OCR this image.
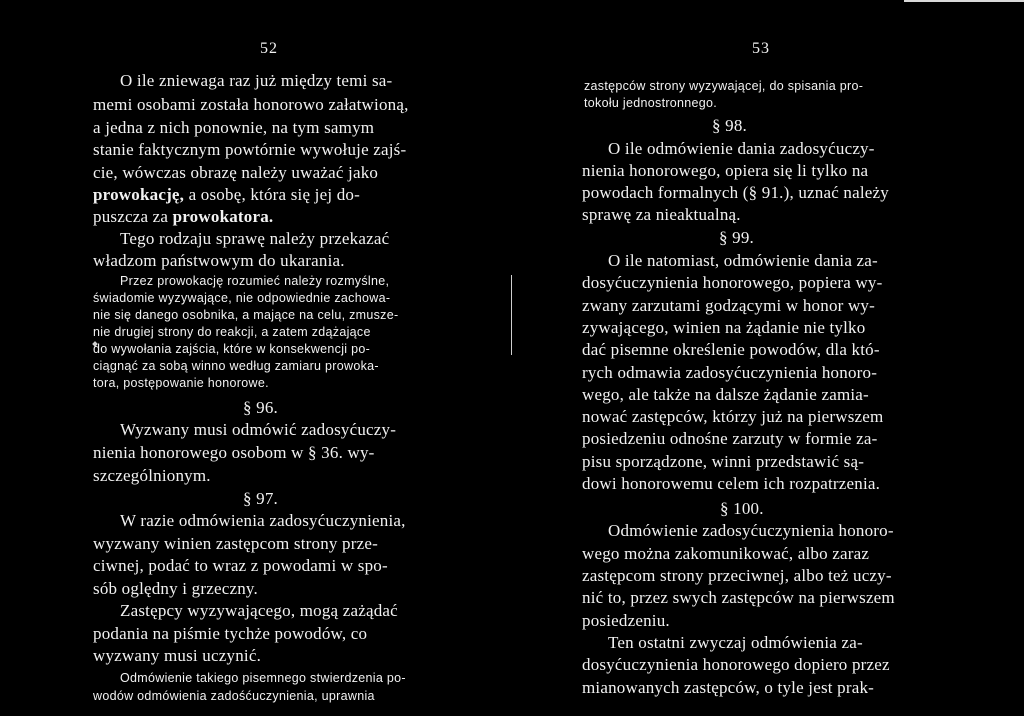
52
O ile zniewaga raz już między temi sa-
memi osobami została honorowo załatwioną,
a jedna z nich ponownie, na tym samym
stanie faktycznym powtórnie wywołuje zajś-
cie, wówczas obrazę należy uważać jako
prowokację, a osobę, która się jej do-
puszcza za prowokatora.
Tego rodzaju sprawę należy przekazać
władzom państwowym do ukarania.
Przez prowokację rozumieć należy rozmyślne,
świadomie wyzywające, nie odpowiednie zachowa-
nie się danego osobnika, a mające na celu, zmusze-
nie drugiej strony do reakcji, a zatem zdążające
do wywołania zajścia, które w konsekwencji po-
ciągnąć za sobą winno według zamiaru prowoka-
tora, postępowanie honorowe.
§ 96.
Wyzwany musi odmówić zadosyćuczy-
nienia honorowego osobom w § 36. wy-
szczególnionym.
§ 97.
W razie odmówienia zadosyćuczynienia,
wyzwany winien zastępcom strony prze-
ciwnej, podać to wraz z powodami w spo-
sób oględny i grzeczny.
Zastępcy wyzywającego, mogą zażądać
podania na piśmie tychże powodów, co
wyzwany musi uczynić.
Odmówienie takiego pisemnego stwierdzenia po-
wodów odmówienia zadośćuczynienia, uprawnia
53
zastępców strony wyzywającej, do spisania pro-
tokołu jednostronnego.
§ 98.
O ile odmówienie dania zadosyćuczy-
nienia honorowego, opiera się li tylko na
powodach formalnych (§ 91.), uznać należy
sprawę za nieaktualną.
§ 99.
O ile natomiast, odmówienie dania za-
dosyćuczynienia honorowego, popiera wy-
zwany zarzutami godzącymi w honor wy-
zywającego, winien na żądanie nie tylko
dać pisemne określenie powodów, dla któ-
rych odmawia zadosyćuczynienia honoro-
wego, ale także na dalsze żądanie zamia-
nować zastępców, którzy już na pierwszem
posiedzeniu odnośne zarzuty w formie za-
pisu sporządzone, winni przedstawić są-
dowi honorowemu celem ich rozpatrzenia.
§ 100.
Odmówienie zadosyćuczynienia honoro-
wego można zakomunikować, albo zaraz
zastępcom strony przeciwnej, albo też uczy-
nić to, przez swych zastępców na pierwszem
posiedzeniu.
Ten ostatni zwyczaj odmówienia za-
dosyćuczynienia honorowego dopiero przez
mianowanych zastępców, o tyle jest prak-
